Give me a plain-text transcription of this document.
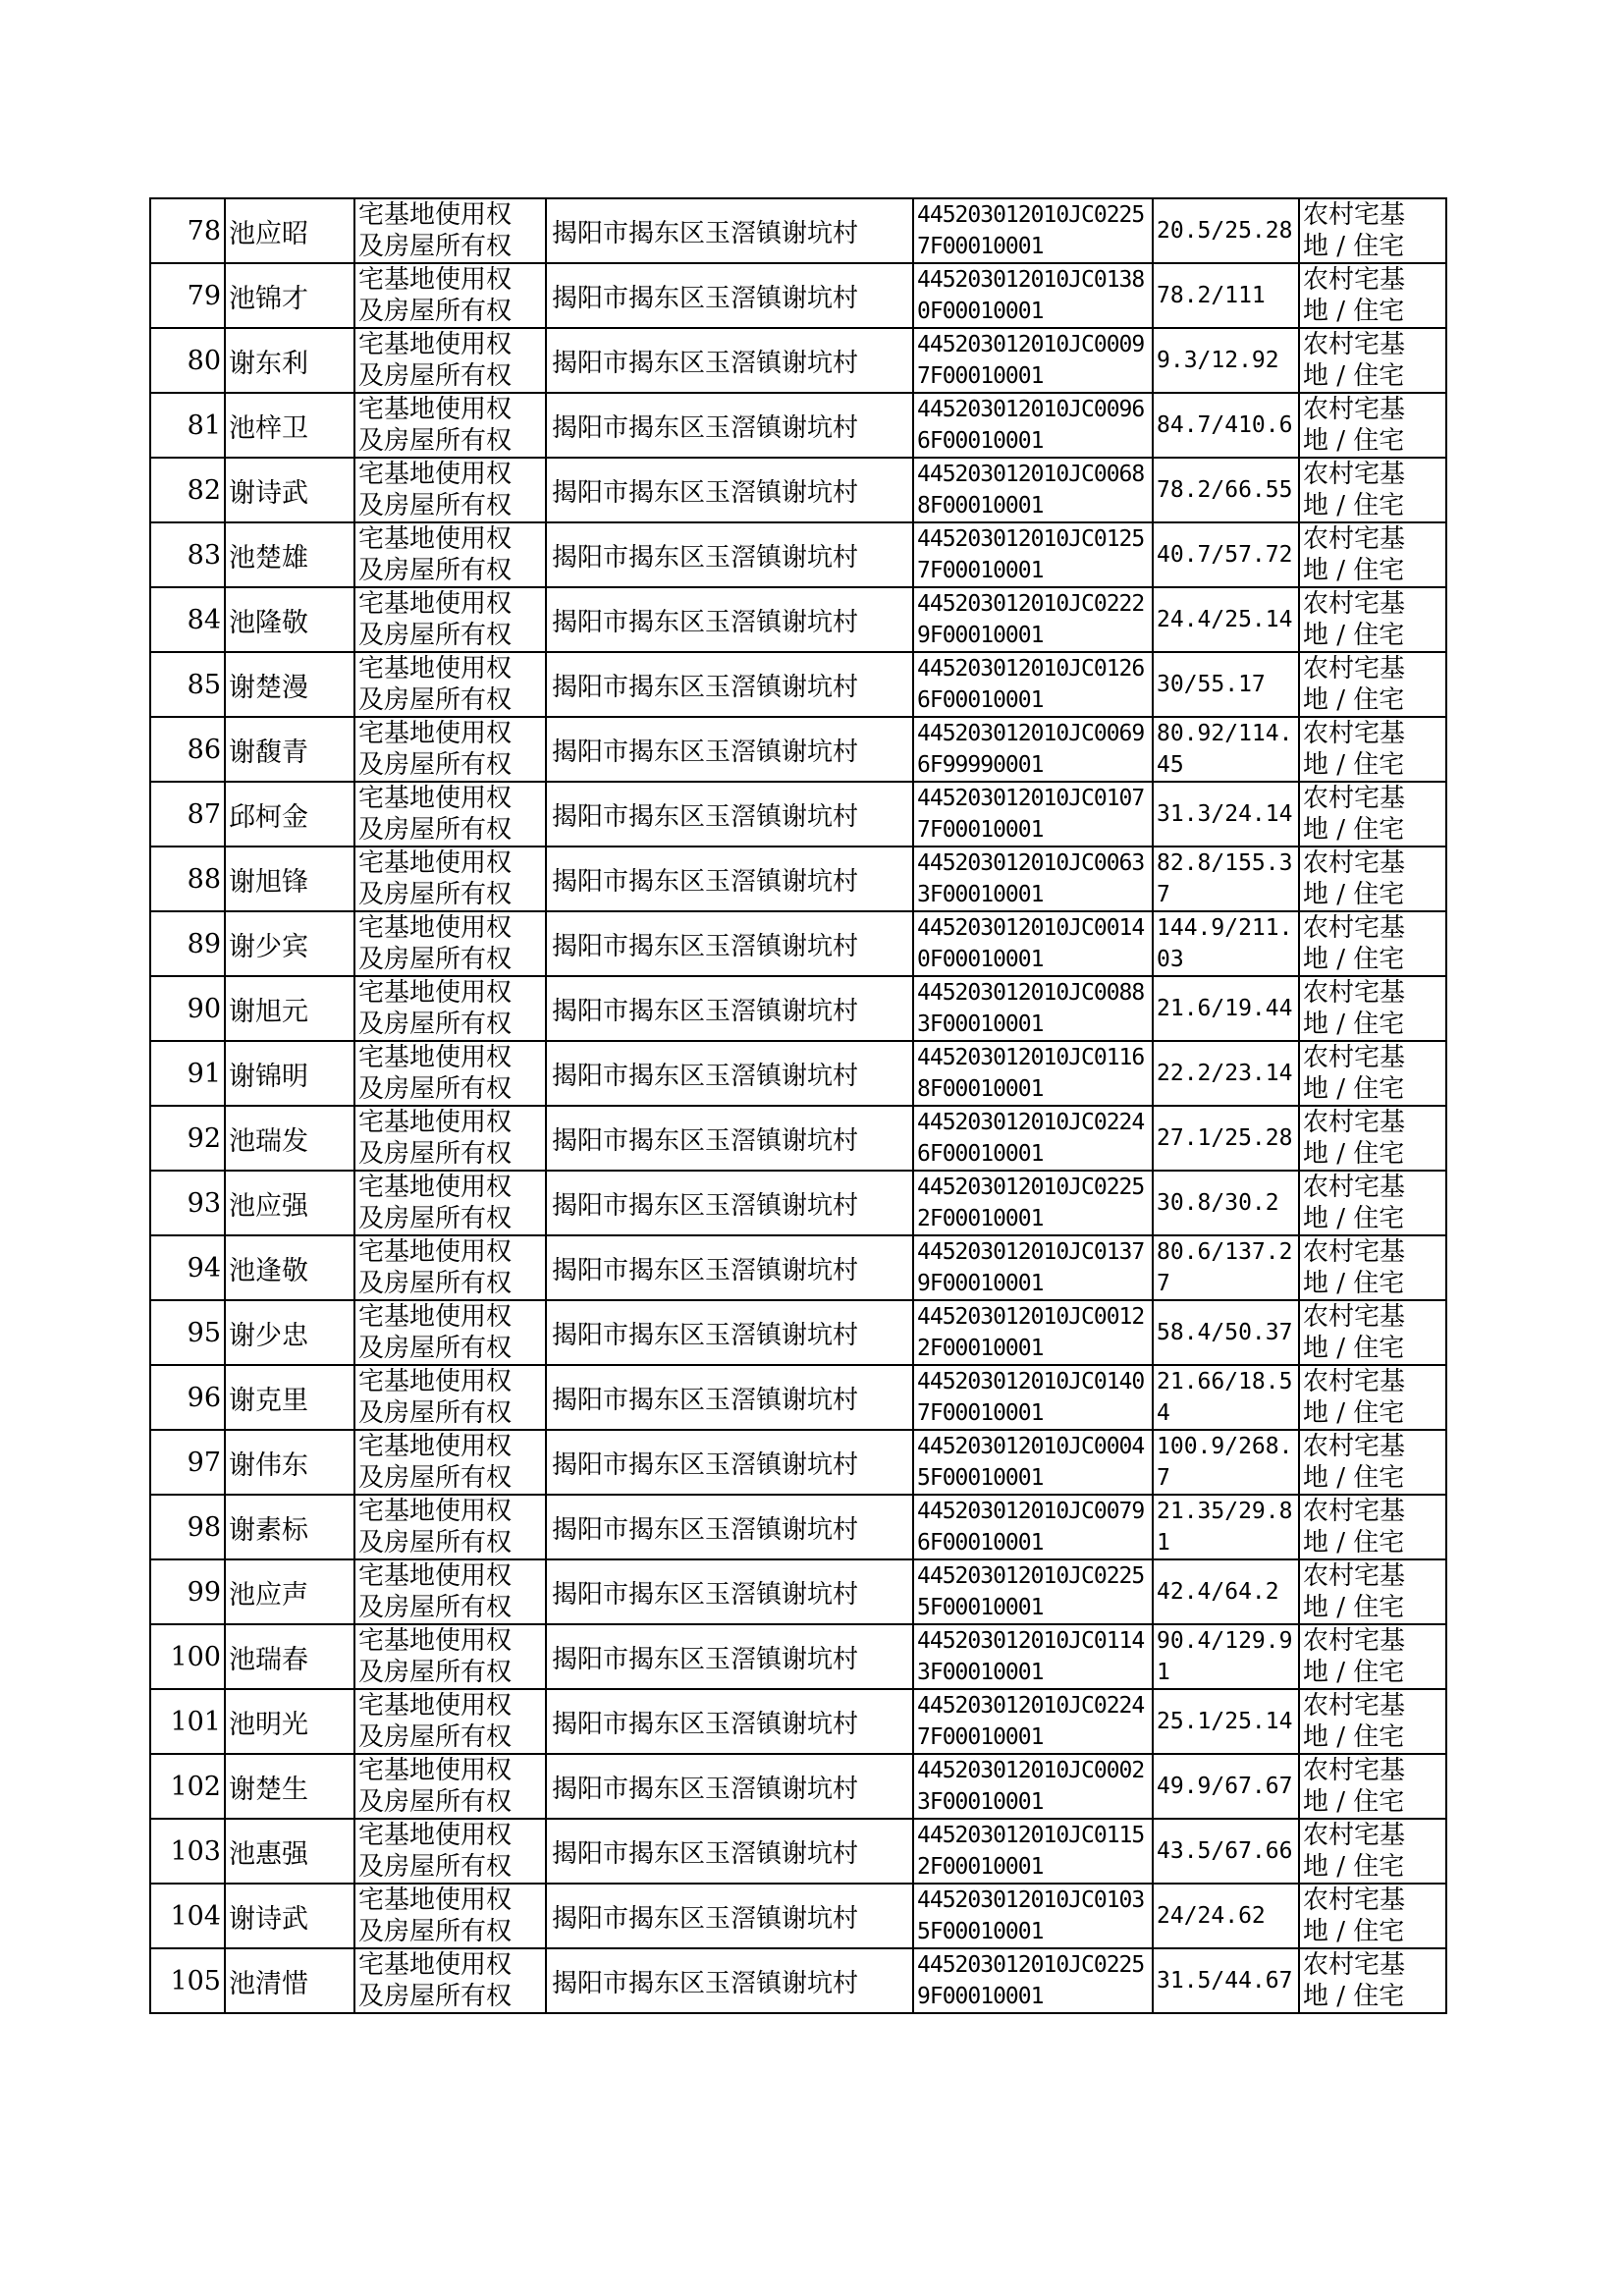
78	池应昭	宅基地使用权
及房屋所有权	揭阳市揭东区玉滘镇谢坑村	445203012010JC02257F00010001	20.5/25.28	农村宅基
地 / 住宅

79	池锦才	宅基地使用权
及房屋所有权	揭阳市揭东区玉滘镇谢坑村	445203012010JC01380F00010001	78.2/111	农村宅基
地 / 住宅

80	谢东利	宅基地使用权
及房屋所有权	揭阳市揭东区玉滘镇谢坑村	445203012010JC00097F00010001	9.3/12.92	农村宅基
地 / 住宅

81	池梓卫	宅基地使用权
及房屋所有权	揭阳市揭东区玉滘镇谢坑村	445203012010JC00966F00010001	84.7/410.6	农村宅基
地 / 住宅

82	谢诗武	宅基地使用权
及房屋所有权	揭阳市揭东区玉滘镇谢坑村	445203012010JC00688F00010001	78.2/66.55	农村宅基
地 / 住宅

83	池楚雄	宅基地使用权
及房屋所有权	揭阳市揭东区玉滘镇谢坑村	445203012010JC01257F00010001	40.7/57.72	农村宅基
地 / 住宅

84	池隆敬	宅基地使用权
及房屋所有权	揭阳市揭东区玉滘镇谢坑村	445203012010JC02229F00010001	24.4/25.14	农村宅基
地 / 住宅

85	谢楚漫	宅基地使用权
及房屋所有权	揭阳市揭东区玉滘镇谢坑村	445203012010JC01266F00010001	30/55.17	农村宅基
地 / 住宅

86	谢馥青	宅基地使用权
及房屋所有权	揭阳市揭东区玉滘镇谢坑村	445203012010JC00696F99990001	80.92/114.45	农村宅基
地 / 住宅

87	邱柯金	宅基地使用权
及房屋所有权	揭阳市揭东区玉滘镇谢坑村	445203012010JC01077F00010001	31.3/24.14	农村宅基
地 / 住宅

88	谢旭锋	宅基地使用权
及房屋所有权	揭阳市揭东区玉滘镇谢坑村	445203012010JC00633F00010001	82.8/155.37	农村宅基
地 / 住宅

89	谢少宾	宅基地使用权
及房屋所有权	揭阳市揭东区玉滘镇谢坑村	445203012010JC00140F00010001	144.9/211.03	农村宅基
地 / 住宅

90	谢旭元	宅基地使用权
及房屋所有权	揭阳市揭东区玉滘镇谢坑村	445203012010JC00883F00010001	21.6/19.44	农村宅基
地 / 住宅

91	谢锦明	宅基地使用权
及房屋所有权	揭阳市揭东区玉滘镇谢坑村	445203012010JC01168F00010001	22.2/23.14	农村宅基
地 / 住宅

92	池瑞发	宅基地使用权
及房屋所有权	揭阳市揭东区玉滘镇谢坑村	445203012010JC02246F00010001	27.1/25.28	农村宅基
地 / 住宅

93	池应强	宅基地使用权
及房屋所有权	揭阳市揭东区玉滘镇谢坑村	445203012010JC02252F00010001	30.8/30.2	农村宅基
地 / 住宅

94	池逢敬	宅基地使用权
及房屋所有权	揭阳市揭东区玉滘镇谢坑村	445203012010JC01379F00010001	80.6/137.27	农村宅基
地 / 住宅

95	谢少忠	宅基地使用权
及房屋所有权	揭阳市揭东区玉滘镇谢坑村	445203012010JC00122F00010001	58.4/50.37	农村宅基
地 / 住宅

96	谢克里	宅基地使用权
及房屋所有权	揭阳市揭东区玉滘镇谢坑村	445203012010JC01407F00010001	21.66/18.54	农村宅基
地 / 住宅

97	谢伟东	宅基地使用权
及房屋所有权	揭阳市揭东区玉滘镇谢坑村	445203012010JC00045F00010001	100.9/268.7	农村宅基
地 / 住宅

98	谢素标	宅基地使用权
及房屋所有权	揭阳市揭东区玉滘镇谢坑村	445203012010JC00796F00010001	21.35/29.81	农村宅基
地 / 住宅

99	池应声	宅基地使用权
及房屋所有权	揭阳市揭东区玉滘镇谢坑村	445203012010JC02255F00010001	42.4/64.2	农村宅基
地 / 住宅

100	池瑞春	宅基地使用权
及房屋所有权	揭阳市揭东区玉滘镇谢坑村	445203012010JC01143F00010001	90.4/129.91	农村宅基
地 / 住宅

101	池明光	宅基地使用权
及房屋所有权	揭阳市揭东区玉滘镇谢坑村	445203012010JC02247F00010001	25.1/25.14	农村宅基
地 / 住宅

102	谢楚生	宅基地使用权
及房屋所有权	揭阳市揭东区玉滘镇谢坑村	445203012010JC00023F00010001	49.9/67.67	农村宅基
地 / 住宅

103	池惠强	宅基地使用权
及房屋所有权	揭阳市揭东区玉滘镇谢坑村	445203012010JC01152F00010001	43.5/67.66	农村宅基
地 / 住宅

104	谢诗武	宅基地使用权
及房屋所有权	揭阳市揭东区玉滘镇谢坑村	445203012010JC01035F00010001	24/24.62	农村宅基
地 / 住宅

105	池清惜	宅基地使用权
及房屋所有权	揭阳市揭东区玉滘镇谢坑村	445203012010JC02259F00010001	31.5/44.67	农村宅基
地 / 住宅
